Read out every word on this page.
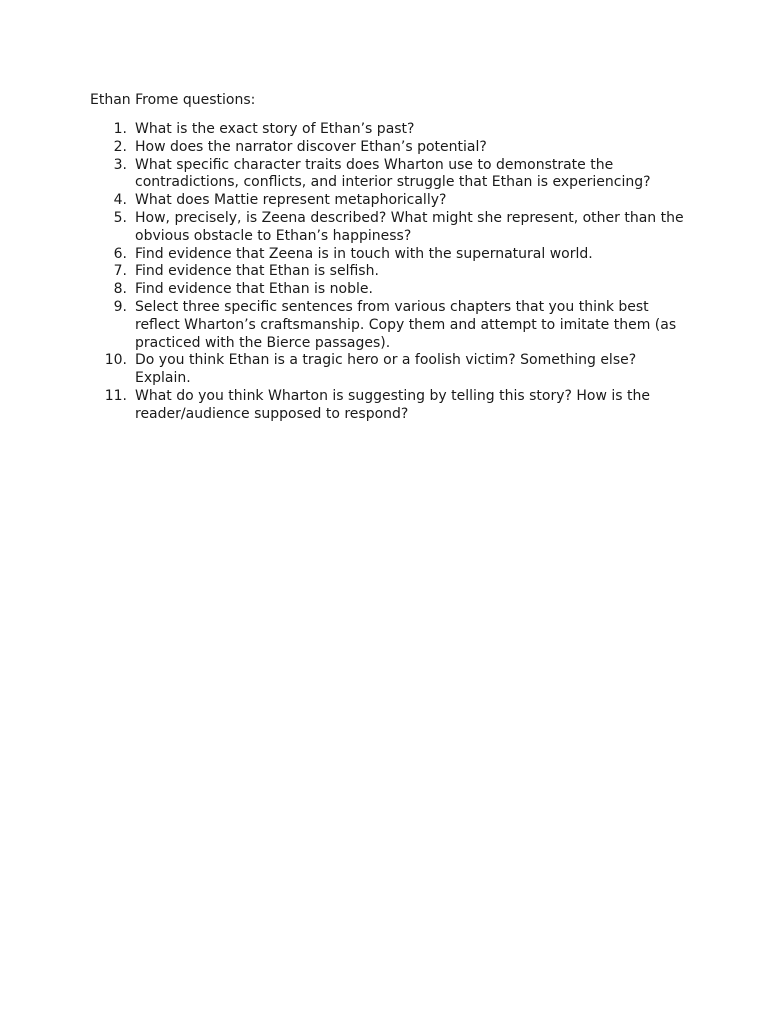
Ethan Frome questions:

1. What is the exact story of Ethan’s past?
2. How does the narrator discover Ethan’s potential?
3. What specific character traits does Wharton use to demonstrate the contradictions, conflicts, and interior struggle that Ethan is experiencing?
4. What does Mattie represent metaphorically?
5. How, precisely, is Zeena described? What might she represent, other than the obvious obstacle to Ethan’s happiness?
6. Find evidence that Zeena is in touch with the supernatural world.
7. Find evidence that Ethan is selfish.
8. Find evidence that Ethan is noble.
9. Select three specific sentences from various chapters that you think best reflect Wharton’s craftsmanship. Copy them and attempt to imitate them (as practiced with the Bierce passages).
10. Do you think Ethan is a tragic hero or a foolish victim? Something else? Explain.
11. What do you think Wharton is suggesting by telling this story? How is the reader/audience supposed to respond?
